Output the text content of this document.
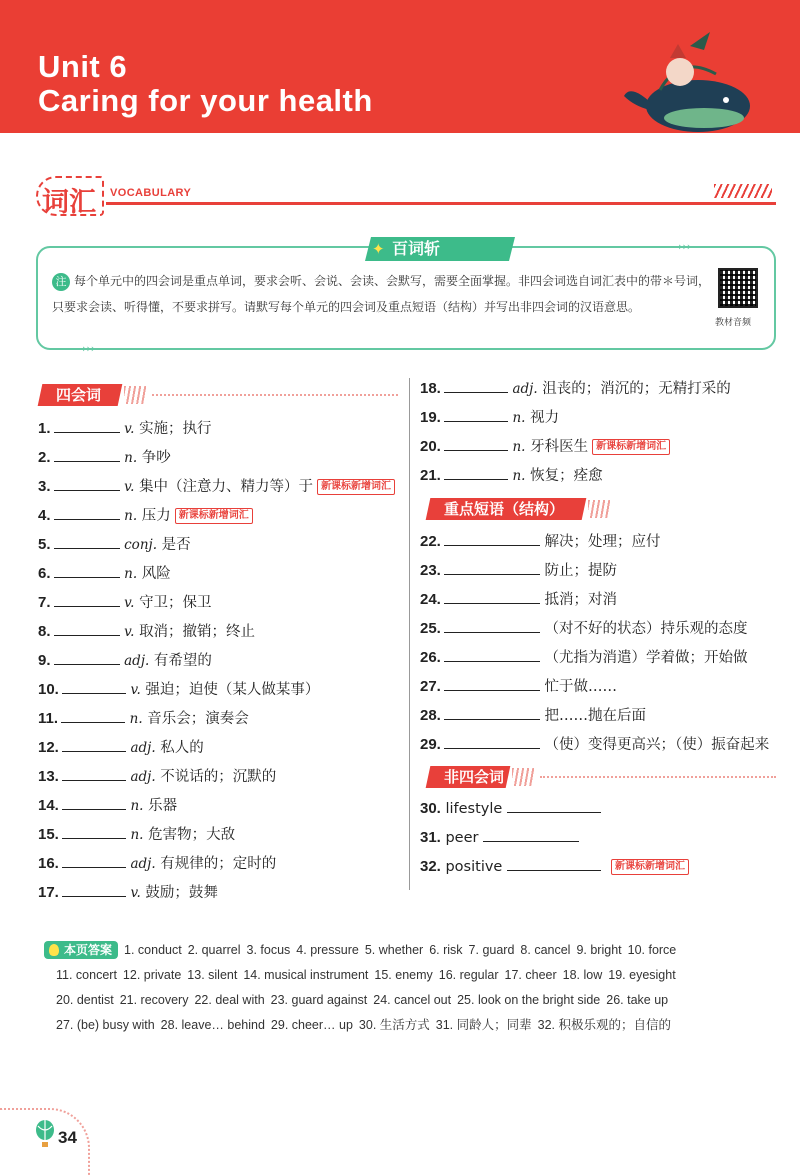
Unit 6
Caring for your health
词汇 VOCABULARY
✦ 百词斩	›››
›››
注 每个单元中的四会词是重点单词，要求会听、会说、会读、会默写，需要全面掌握。非四会词选自词汇表中的带＊号词，只要求会读、听得懂，不要求拼写。请默写每个单元的四会词及重点短语（结构）并写出非四会词的汉语意思。
教材音频
四会词
1.	v. 实施；执行
2.	n. 争吵
3.	v. 集中（注意力、精力等）于 新课标新增词汇
4.	n. 压力 新课标新增词汇
5.	conj. 是否
6.	n. 风险
7.	v. 守卫；保卫
8.	v. 取消；撤销；终止
9.	adj. 有希望的
10.	v. 强迫；迫使（某人做某事）
11.	n. 音乐会；演奏会
12.	adj. 私人的
13.	adj. 不说话的；沉默的
14.	n. 乐器
15.	n. 危害物；大敌
16.	adj. 有规律的；定时的
17.	v. 鼓励；鼓舞
18.	adj. 沮丧的；消沉的；无精打采的
19.	n. 视力
20.	n. 牙科医生 新课标新增词汇
21.	n. 恢复；痊愈
重点短语（结构）
22.	解决；处理；应付
23.	防止；提防
24.	抵消；对消
25.	（对不好的状态）持乐观的态度
26.	（尤指为消遣）学着做；开始做
27.	忙于做……
28.	把……抛在后面
29.	（使）变得更高兴；（使）振奋起来
非四会词
30. lifestyle
31. peer
32. positive	新课标新增词汇
本页答案 1. conduct 2. quarrel 3. focus 4. pressure 5. whether 6. risk 7. guard 8. cancel 9. bright 10. force
11. concert 12. private 13. silent 14. musical instrument 15. enemy 16. regular 17. cheer 18. low 19. eyesight
20. dentist 21. recovery 22. deal with 23. guard against 24. cancel out 25. look on the bright side 26. take up
27. (be) busy with 28. leave… behind 29. cheer… up 30. 生活方式 31. 同龄人；同辈 32. 积极乐观的；自信的
34
